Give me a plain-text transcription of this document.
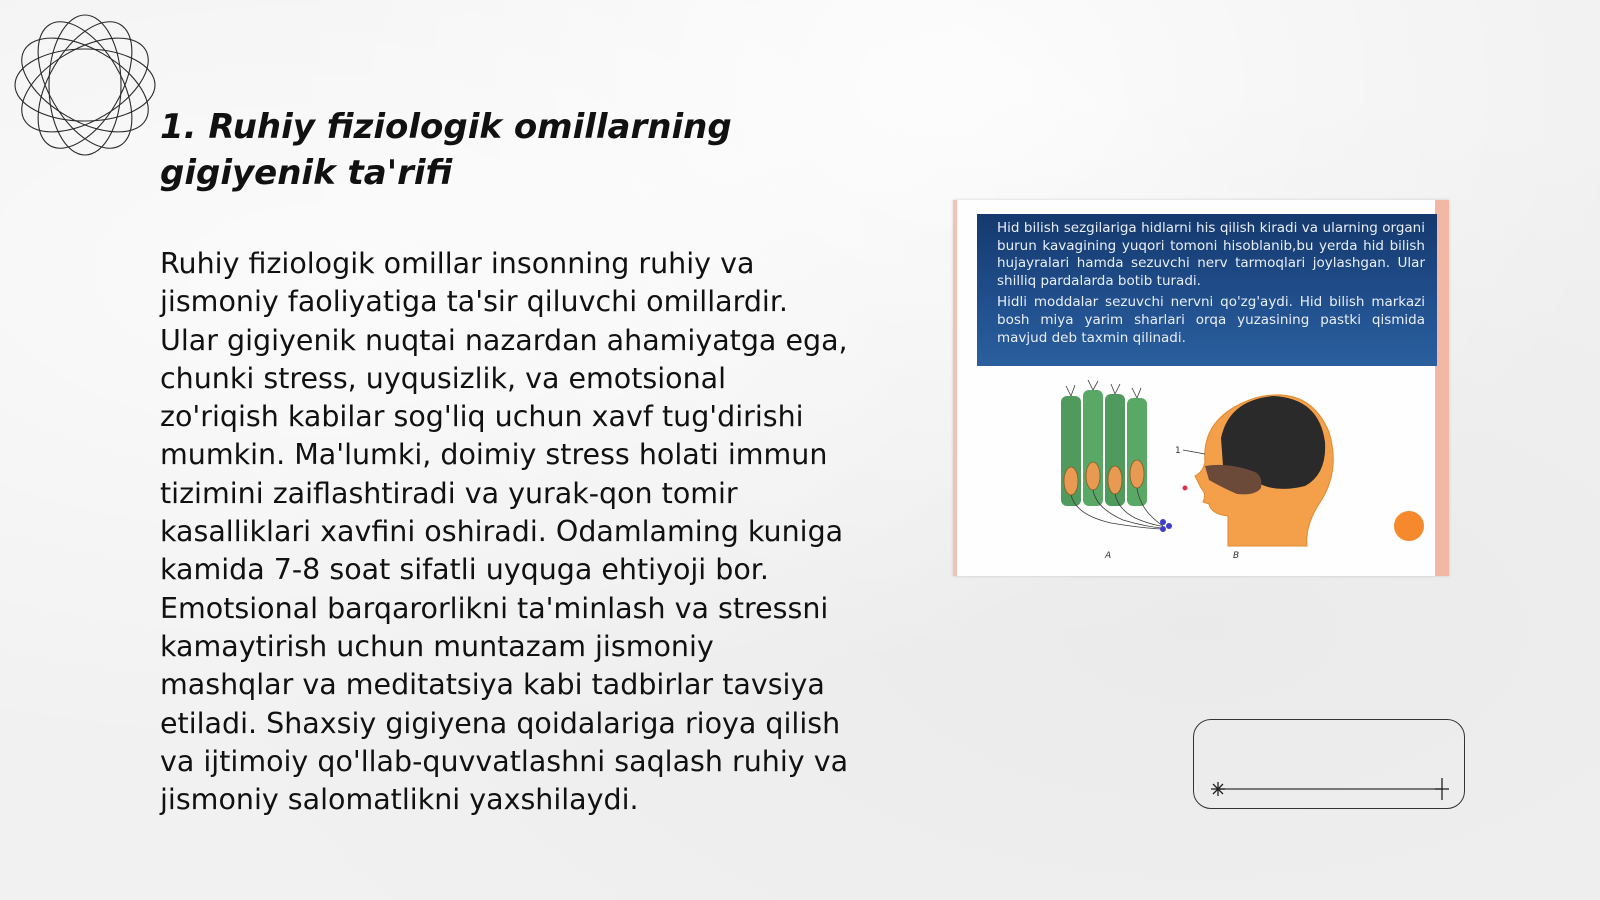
1. Ruhiy fiziologik omillarning gigiyenik ta'rifi

Ruhiy fiziologik omillar insonning ruhiy va jismoniy faoliyatiga ta'sir qiluvchi omillardir. Ular gigiyenik nuqtai nazardan ahamiyatga ega, chunki stress, uyqusizlik, va emotsional zo'riqish kabilar sog'liq uchun xavf tug'dirishi mumkin. Ma'lumki, doimiy stress holati immun tizimini zaiflashtiradi va yurak-qon tomir kasalliklari xavfini oshiradi. Odamlaming kuniga kamida 7-8 soat sifatli uyquga ehtiyoji bor. Emotsional barqarorlikni ta'minlash va stressni kamaytirish uchun muntazam jismoniy mashqlar va meditatsiya kabi tadbirlar tavsiya etiladi. Shaxsiy gigiyena qoidalariga rioya qilish va ijtimoiy qo'llab-quvvatlashni saqlash ruhiy va jismoniy salomatlikni yaxshilaydi.

Hid bilish sezgilariga hidlarni his qilish kiradi va ularning organi burun kavagining yuqori tomoni hisoblanib,bu yerda hid bilish hujayralari hamda sezuvchi nerv tarmoqlari joylashgan. Ular shilliq pardalarda botib turadi.

Hidli moddalar sezuvchi nervni qo'zg'aydi. Hid bilish markazi bosh miya yarim sharlari orqa yuzasining pastki qismida mavjud deb taxmin qilinadi.

A
1
B
